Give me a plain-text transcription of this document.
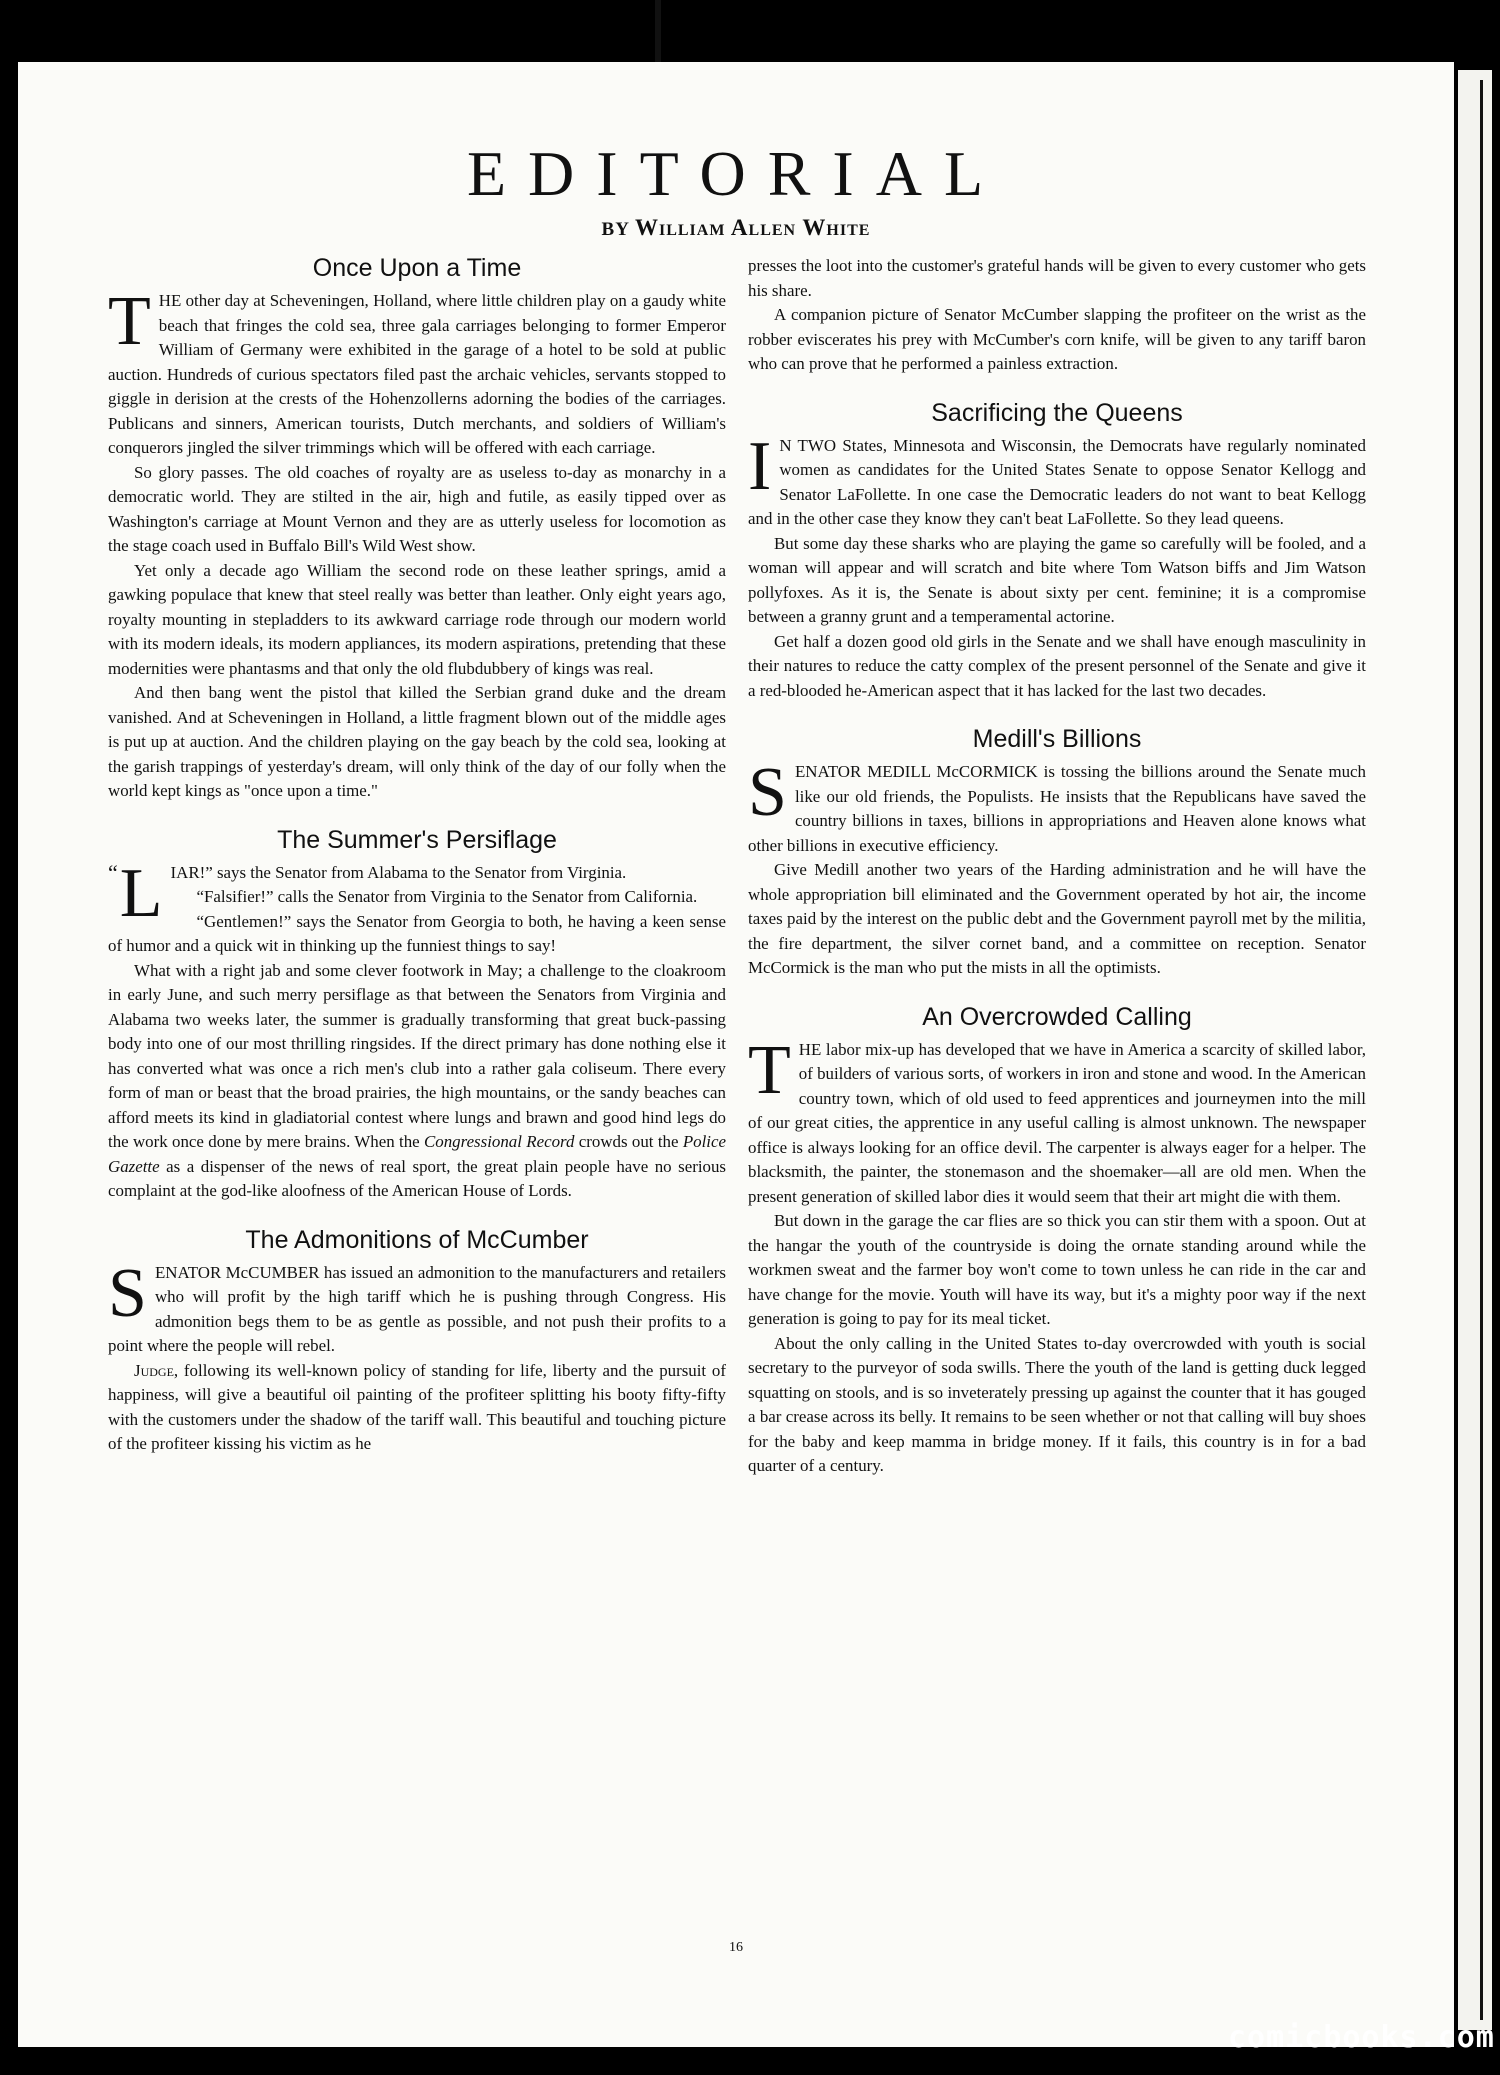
EDITORIAL
BY William Allen White
Once Upon a Time

THE other day at Scheveningen, Holland, where little children play on a gaudy white beach that fringes the cold sea, three gala carriages belonging to former Emperor William of Germany were exhibited in the garage of a hotel to be sold at public auction. Hundreds of curious spectators filed past the archaic vehicles, servants stopped to giggle in derision at the crests of the Hohenzollerns adorning the bodies of the carriages. Publicans and sinners, American tourists, Dutch merchants, and soldiers of William's conquerors jingled the silver trimmings which will be offered with each carriage.

So glory passes. The old coaches of royalty are as useless to-day as monarchy in a democratic world. They are stilted in the air, high and futile, as easily tipped over as Washington's carriage at Mount Vernon and they are as utterly useless for locomotion as the stage coach used in Buffalo Bill's Wild West show.

Yet only a decade ago William the second rode on these leather springs, amid a gawking populace that knew that steel really was better than leather. Only eight years ago, royalty mounting in stepladders to its awkward carriage rode through our modern world with its modern ideals, its modern appliances, its modern aspirations, pretending that these modernities were phantasms and that only the old flubdubbery of kings was real.

And then bang went the pistol that killed the Serbian grand duke and the dream vanished. And at Scheveningen in Holland, a little fragment blown out of the middle ages is put up at auction. And the children playing on the gay beach by the cold sea, looking at the garish trappings of yesterday's dream, will only think of the day of our folly when the world kept kings as "once upon a time."

The Summer's Persiflage

“ L IAR!” says the Senator from Alabama to the Senator from Virginia.

“Falsifier!” calls the Senator from Virginia to the Senator from California.

“Gentlemen!” says the Senator from Georgia to both, he having a keen sense of humor and a quick wit in thinking up the funniest things to say!

What with a right jab and some clever footwork in May; a challenge to the cloakroom in early June, and such merry persiflage as that between the Senators from Virginia and Alabama two weeks later, the summer is gradually transforming that great buck-passing body into one of our most thrilling ringsides. If the direct primary has done nothing else it has converted what was once a rich men's club into a rather gala coliseum. There every form of man or beast that the broad prairies, the high mountains, or the sandy beaches can afford meets its kind in gladiatorial contest where lungs and brawn and good hind legs do the work once done by mere brains. When the Congressional Record crowds out the Police Gazette as a dispenser of the news of real sport, the great plain people have no serious complaint at the god-like aloofness of the American House of Lords.

The Admonitions of McCumber

SENATOR McCUMBER has issued an admonition to the manufacturers and retailers who will profit by the high tariff which he is pushing through Congress. His admonition begs them to be as gentle as possible, and not push their profits to a point where the people will rebel.

Judge, following its well-known policy of standing for life, liberty and the pursuit of happiness, will give a beautiful oil painting of the profiteer splitting his booty fifty-fifty with the customers under the shadow of the tariff wall. This beautiful and touching picture of the profiteer kissing his victim as he

presses the loot into the customer's grateful hands will be given to every customer who gets his share.

A companion picture of Senator McCumber slapping the profiteer on the wrist as the robber eviscerates his prey with McCumber's corn knife, will be given to any tariff baron who can prove that he performed a painless extraction.

Sacrificing the Queens

I N TWO States, Minnesota and Wisconsin, the Democrats have regularly nominated women as candidates for the United States Senate to oppose Senator Kellogg and Senator LaFollette. In one case the Democratic leaders do not want to beat Kellogg and in the other case they know they can't beat LaFollette. So they lead queens.

But some day these sharks who are playing the game so carefully will be fooled, and a woman will appear and will scratch and bite where Tom Watson biffs and Jim Watson pollyfoxes. As it is, the Senate is about sixty per cent. feminine; it is a compromise between a granny grunt and a temperamental actorine.

Get half a dozen good old girls in the Senate and we shall have enough masculinity in their natures to reduce the catty complex of the present personnel of the Senate and give it a red-blooded he-American aspect that it has lacked for the last two decades.

Medill's Billions

SENATOR MEDILL McCORMICK is tossing the billions around the Senate much like our old friends, the Populists. He insists that the Republicans have saved the country billions in taxes, billions in appropriations and Heaven alone knows what other billions in executive efficiency.

Give Medill another two years of the Harding administration and he will have the whole appropriation bill eliminated and the Government operated by hot air, the income taxes paid by the interest on the public debt and the Government payroll met by the militia, the fire department, the silver cornet band, and a committee on reception. Senator McCormick is the man who put the mists in all the optimists.

An Overcrowded Calling

THE labor mix-up has developed that we have in America a scarcity of skilled labor, of builders of various sorts, of workers in iron and stone and wood. In the American country town, which of old used to feed apprentices and journeymen into the mill of our great cities, the apprentice in any useful calling is almost unknown. The newspaper office is always looking for an office devil. The carpenter is always eager for a helper. The blacksmith, the painter, the stonemason and the shoemaker—all are old men. When the present generation of skilled labor dies it would seem that their art might die with them.

But down in the garage the car flies are so thick you can stir them with a spoon. Out at the hangar the youth of the countryside is doing the ornate standing around while the workmen sweat and the farmer boy won't come to town unless he can ride in the car and have change for the movie. Youth will have its way, but it's a mighty poor way if the next generation is going to pay for its meal ticket.

About the only calling in the United States to-day overcrowded with youth is social secretary to the purveyor of soda swills. There the youth of the land is getting duck legged squatting on stools, and is so inveterately pressing up against the counter that it has gouged a bar crease across its belly. It remains to be seen whether or not that calling will buy shoes for the baby and keep mamma in bridge money. If it fails, this country is in for a bad quarter of a century.

16
comicbooks.com
